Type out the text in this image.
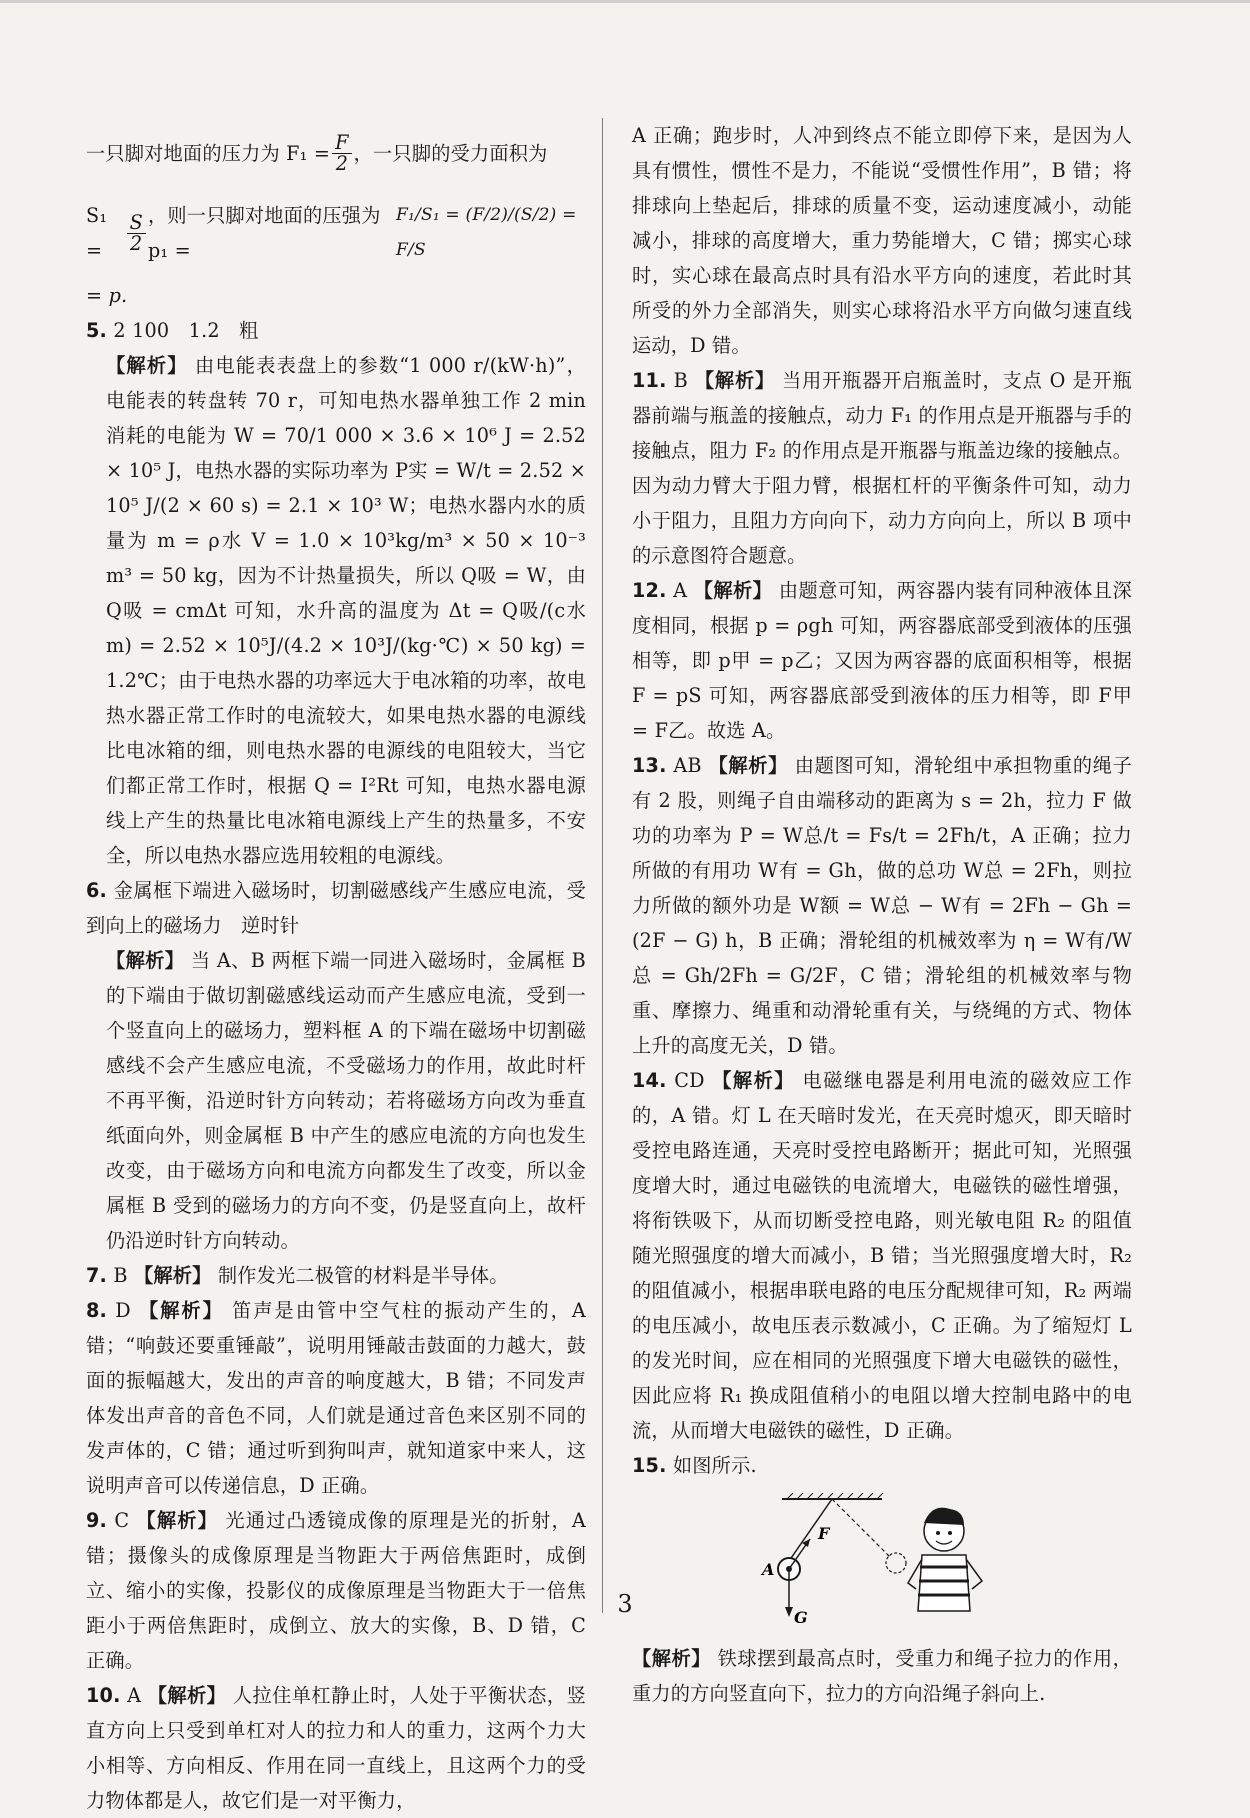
一只脚对地面的压力为 $F_1 = \frac{F}{2}$ ，一只脚的受力面积为
S₁ =	$\frac{S}{2}$ ，则一只脚对地面的压强为 p₁ =
F₁/S₁ = (F/2)/(S/2) = F/S

= p.

5. 2 100　1.2　粗

【解析】 由电能表表盘上的参数“1 000 r/(kW·h)”，电能表的转盘转 70 r，可知电热水器单独工作 2 min 消耗的电能为 W = 70/1 000 × 3.6 × 10⁶ J = 2.52 × 10⁵ J，电热水器的实际功率为 P实 = W/t = 2.52 × 10⁵ J/(2 × 60 s) = 2.1 × 10³ W；电热水器内水的质量为 m = ρ水 V = 1.0 × 10³kg/m³ × 50 × 10⁻³ m³ = 50 kg，因为不计热量损失，所以 Q吸 = W，由 Q吸 = cmΔt 可知，水升高的温度为 Δt = Q吸/(c水 m) = 2.52 × 10⁵J/(4.2 × 10³J/(kg·℃) × 50 kg) = 1.2℃；由于电热水器的功率远大于电冰箱的功率，故电热水器正常工作时的电流较大，如果电热水器的电源线比电冰箱的细，则电热水器的电源线的电阻较大，当它们都正常工作时，根据 Q = I²Rt 可知，电热水器电源线上产生的热量比电冰箱电源线上产生的热量多，不安全，所以电热水器应选用较粗的电源线。

6. 金属框下端进入磁场时，切割磁感线产生感应电流，受到向上的磁场力　逆时针

【解析】 当 A、B 两框下端一同进入磁场时，金属框 B 的下端由于做切割磁感线运动而产生感应电流，受到一个竖直向上的磁场力，塑料框 A 的下端在磁场中切割磁感线不会产生感应电流，不受磁场力的作用，故此时杆不再平衡，沿逆时针方向转动；若将磁场方向改为垂直纸面向外，则金属框 B 中产生的感应电流的方向也发生改变，由于磁场方向和电流方向都发生了改变，所以金属框 B 受到的磁场力的方向不变，仍是竖直向上，故杆仍沿逆时针方向转动。

7. B 【解析】 制作发光二极管的材料是半导体。

8. D 【解析】 笛声是由管中空气柱的振动产生的，A 错；“响鼓还要重锤敲”，说明用锤敲击鼓面的力越大，鼓面的振幅越大，发出的声音的响度越大，B 错；不同发声体发出声音的音色不同，人们就是通过音色来区别不同的发声体的，C 错；通过听到狗叫声，就知道家中来人，这说明声音可以传递信息，D 正确。

9. C 【解析】 光通过凸透镜成像的原理是光的折射，A 错；摄像头的成像原理是当物距大于两倍焦距时，成倒立、缩小的实像，投影仪的成像原理是当物距大于一倍焦距小于两倍焦距时，成倒立、放大的实像，B、D 错，C 正确。

10. A 【解析】 人拉住单杠静止时，人处于平衡状态，竖直方向上只受到单杠对人的拉力和人的重力，这两个力大小相等、方向相反、作用在同一直线上，且这两个力的受力物体都是人，故它们是一对平衡力，

A 正确；跑步时，人冲到终点不能立即停下来，是因为人具有惯性，惯性不是力，不能说“受惯性作用”，B 错；将排球向上垫起后，排球的质量不变，运动速度减小，动能减小，排球的高度增大，重力势能增大，C 错；掷实心球时，实心球在最高点时具有沿水平方向的速度，若此时其所受的外力全部消失，则实心球将沿水平方向做匀速直线运动，D 错。

11. B 【解析】 当用开瓶器开启瓶盖时，支点 O 是开瓶器前端与瓶盖的接触点，动力 F₁ 的作用点是开瓶器与手的接触点，阻力 F₂ 的作用点是开瓶器与瓶盖边缘的接触点。因为动力臂大于阻力臂，根据杠杆的平衡条件可知，动力小于阻力，且阻力方向向下，动力方向向上，所以 B 项中的示意图符合题意。

12. A 【解析】 由题意可知，两容器内装有同种液体且深度相同，根据 p = ρgh 可知，两容器底部受到液体的压强相等，即 p甲 = p乙；又因为两容器的底面积相等，根据 F = pS 可知，两容器底部受到液体的压力相等，即 F甲 = F乙。故选 A。

13. AB 【解析】 由题图可知，滑轮组中承担物重的绳子有 2 股，则绳子自由端移动的距离为 s = 2h，拉力 F 做功的功率为 P = W总/t = Fs/t = 2Fh/t，A 正确；拉力所做的有用功 W有 = Gh，做的总功 W总 = 2Fh，则拉力所做的额外功是 W额 = W总 − W有 = 2Fh − Gh = (2F − G) h，B 正确；滑轮组的机械效率为 η = W有/W总 = Gh/2Fh = G/2F，C 错；滑轮组的机械效率与物重、摩擦力、绳重和动滑轮重有关，与绕绳的方式、物体上升的高度无关，D 错。

14. CD 【解析】 电磁继电器是利用电流的磁效应工作的，A 错。灯 L 在天暗时发光，在天亮时熄灭，即天暗时受控电路连通，天亮时受控电路断开；据此可知，光照强度增大时，通过电磁铁的电流增大，电磁铁的磁性增强，将衔铁吸下，从而切断受控电路，则光敏电阻 R₂ 的阻值随光照强度的增大而减小，B 错；当光照强度增大时，R₂ 的阻值减小，根据串联电路的电压分配规律可知，R₂ 两端的电压减小，故电压表示数减小，C 正确。为了缩短灯 L 的发光时间，应在相同的光照强度下增大电磁铁的磁性，因此应将 R₁ 换成阻值稍小的电阻以增大控制电路中的电流，从而增大电磁铁的磁性，D 正确。

15. 如图所示.

F
A
G

【解析】 铁球摆到最高点时，受重力和绳子拉力的作用，重力的方向竖直向下，拉力的方向沿绳子斜向上.

3
